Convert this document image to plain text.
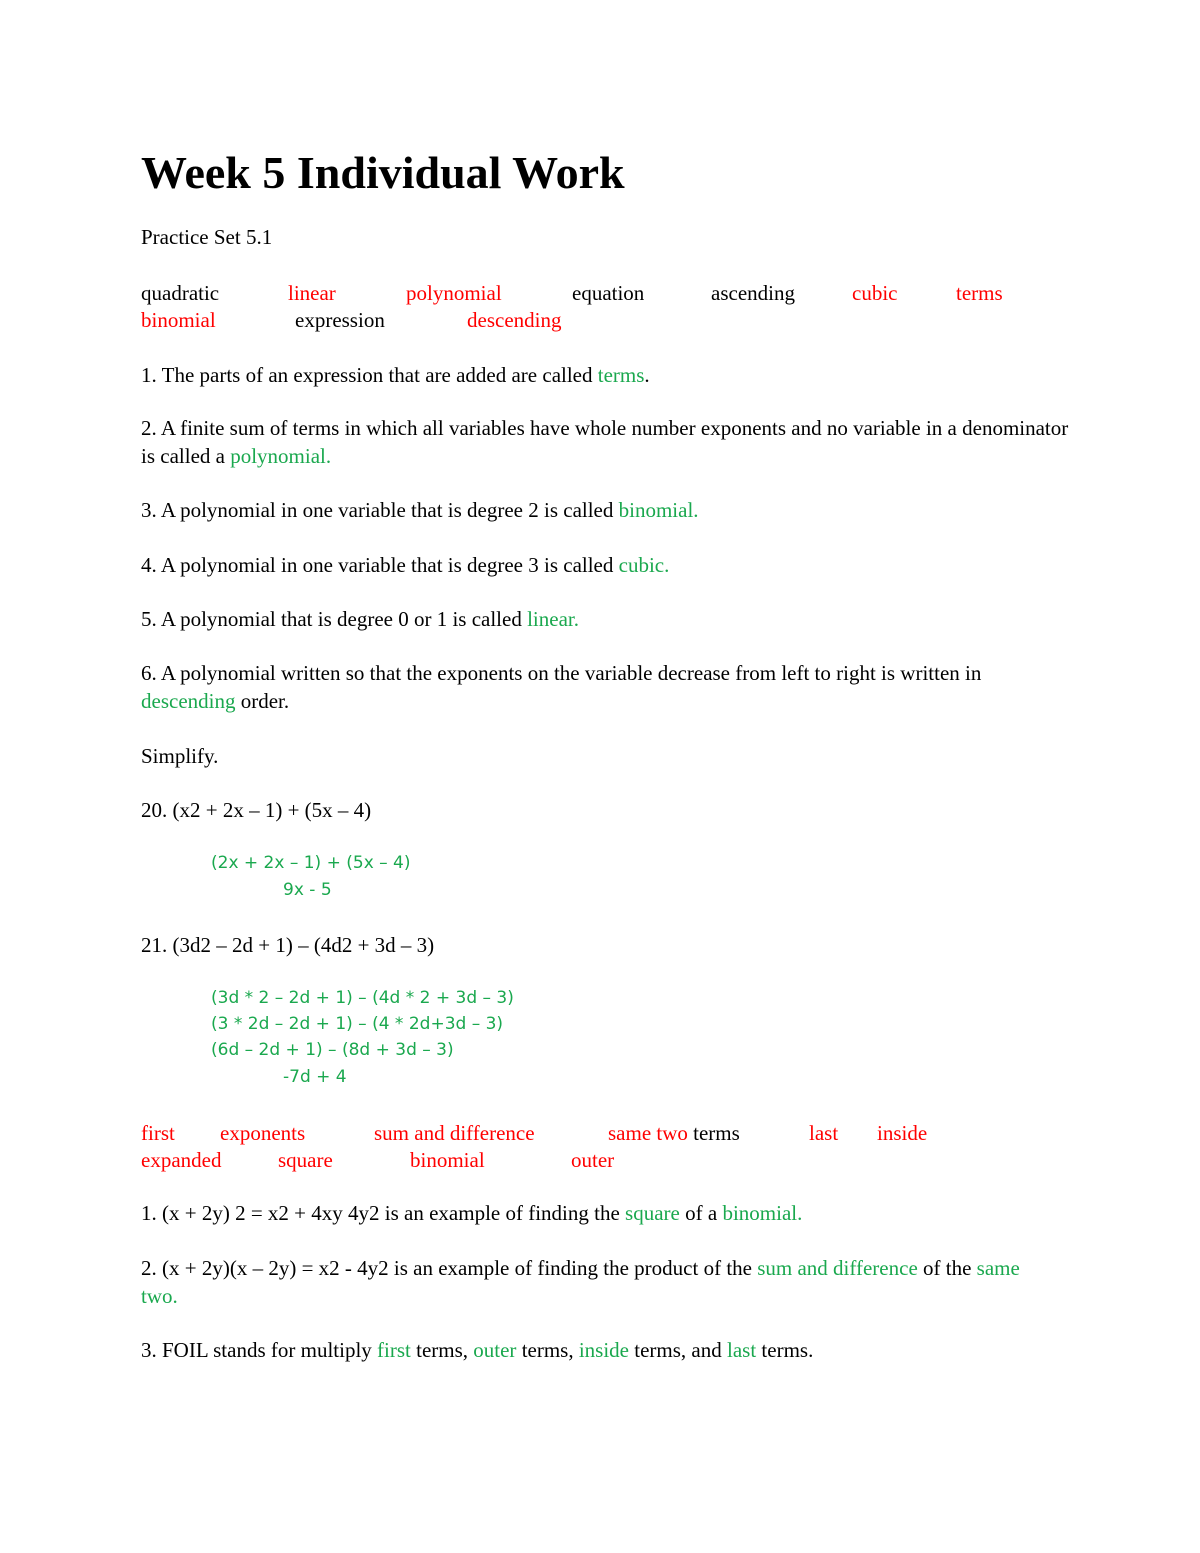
Week 5 Individual Work
Practice Set 5.1
quadratic	linear	polynomial	equation	ascending	cubic	terms
binomial	expression	descending
1. The parts of an expression that are added are called terms.
2. A finite sum of terms in which all variables have whole number exponents and no variable in a denominator is called a polynomial.
3. A polynomial in one variable that is degree 2 is called binomial.
4. A polynomial in one variable that is degree 3 is called cubic.
5. A polynomial that is degree 0 or 1 is called linear.
6. A polynomial written so that the exponents on the variable decrease from left to right is written in descending order.
Simplify.
20. (x2 + 2x – 1) + (5x – 4)
(2x + 2x – 1) + (5x – 4)
9x - 5
21. (3d2 – 2d + 1) – (4d2 + 3d – 3)
(3d * 2 – 2d + 1) – (4d * 2 + 3d – 3)
(3 * 2d – 2d + 1) – (4 * 2d+3d – 3)
(6d – 2d + 1) – (8d + 3d – 3)
-7d + 4
first exponents	sum and difference	same two terms	last inside
expanded	square	binomial	outer
1. (x + 2y) 2 = x2 + 4xy 4y2 is an example of finding the square of a binomial.
2. (x + 2y)(x – 2y) = x2 - 4y2 is an example of finding the product of the sum and difference of the same two.
3. FOIL stands for multiply first terms, outer terms, inside terms, and last terms.
